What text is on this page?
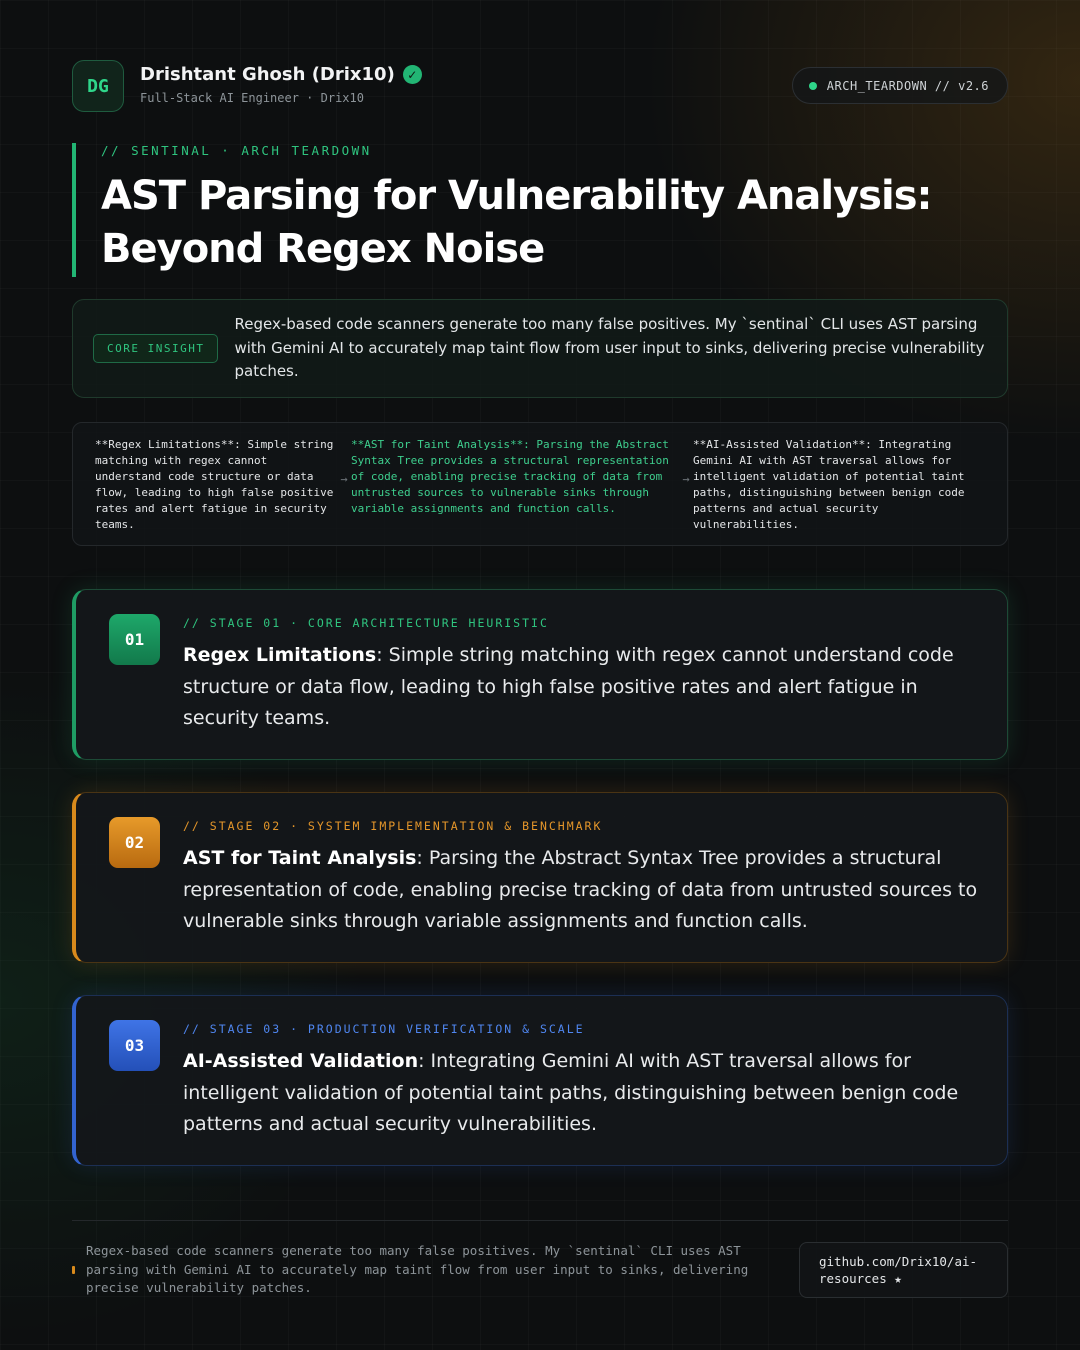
DG
Drishtant Ghosh (Drix10)	✓
Full-Stack AI Engineer · Drix10
ARCH_TEARDOWN // v2.6
// SENTINAL · ARCH TEARDOWN
AST Parsing for Vulnerability Analysis:
Beyond Regex Noise
CORE INSIGHT

Regex-based code scanners generate too many false positives. My `sentinal` CLI uses AST parsing with Gemini AI to accurately map taint flow from user input to sinks, delivering precise vulnerability patches.

**Regex Limitations**: Simple string matching with regex cannot understand code structure or data flow, leading to high false positive rates and alert fatigue in security teams.
→
**AST for Taint Analysis**: Parsing the Abstract Syntax Tree provides a structural representation of code, enabling precise tracking of data from untrusted sources to vulnerable sinks through variable assignments and function calls.
→
**AI-Assisted Validation**: Integrating Gemini AI with AST traversal allows for intelligent validation of potential taint paths, distinguishing between benign code patterns and actual security vulnerabilities.
01
// STAGE 01 · CORE ARCHITECTURE HEURISTIC

Regex Limitations: Simple string matching with regex cannot understand code structure or data flow, leading to high false positive rates and alert fatigue in security teams.

02
// STAGE 02 · SYSTEM IMPLEMENTATION & BENCHMARK

AST for Taint Analysis: Parsing the Abstract Syntax Tree provides a structural representation of code, enabling precise tracking of data from untrusted sources to vulnerable sinks through variable assignments and function calls.

03
// STAGE 03 · PRODUCTION VERIFICATION & SCALE

AI-Assisted Validation: Integrating Gemini AI with AST traversal allows for intelligent validation of potential taint paths, distinguishing between benign code patterns and actual security vulnerabilities.

Regex-based code scanners generate too many false positives. My `sentinal` CLI uses AST parsing with Gemini AI to accurately map taint flow from user input to sinks, delivering precise vulnerability patches.

github.com/Drix10/ai-resources ★
